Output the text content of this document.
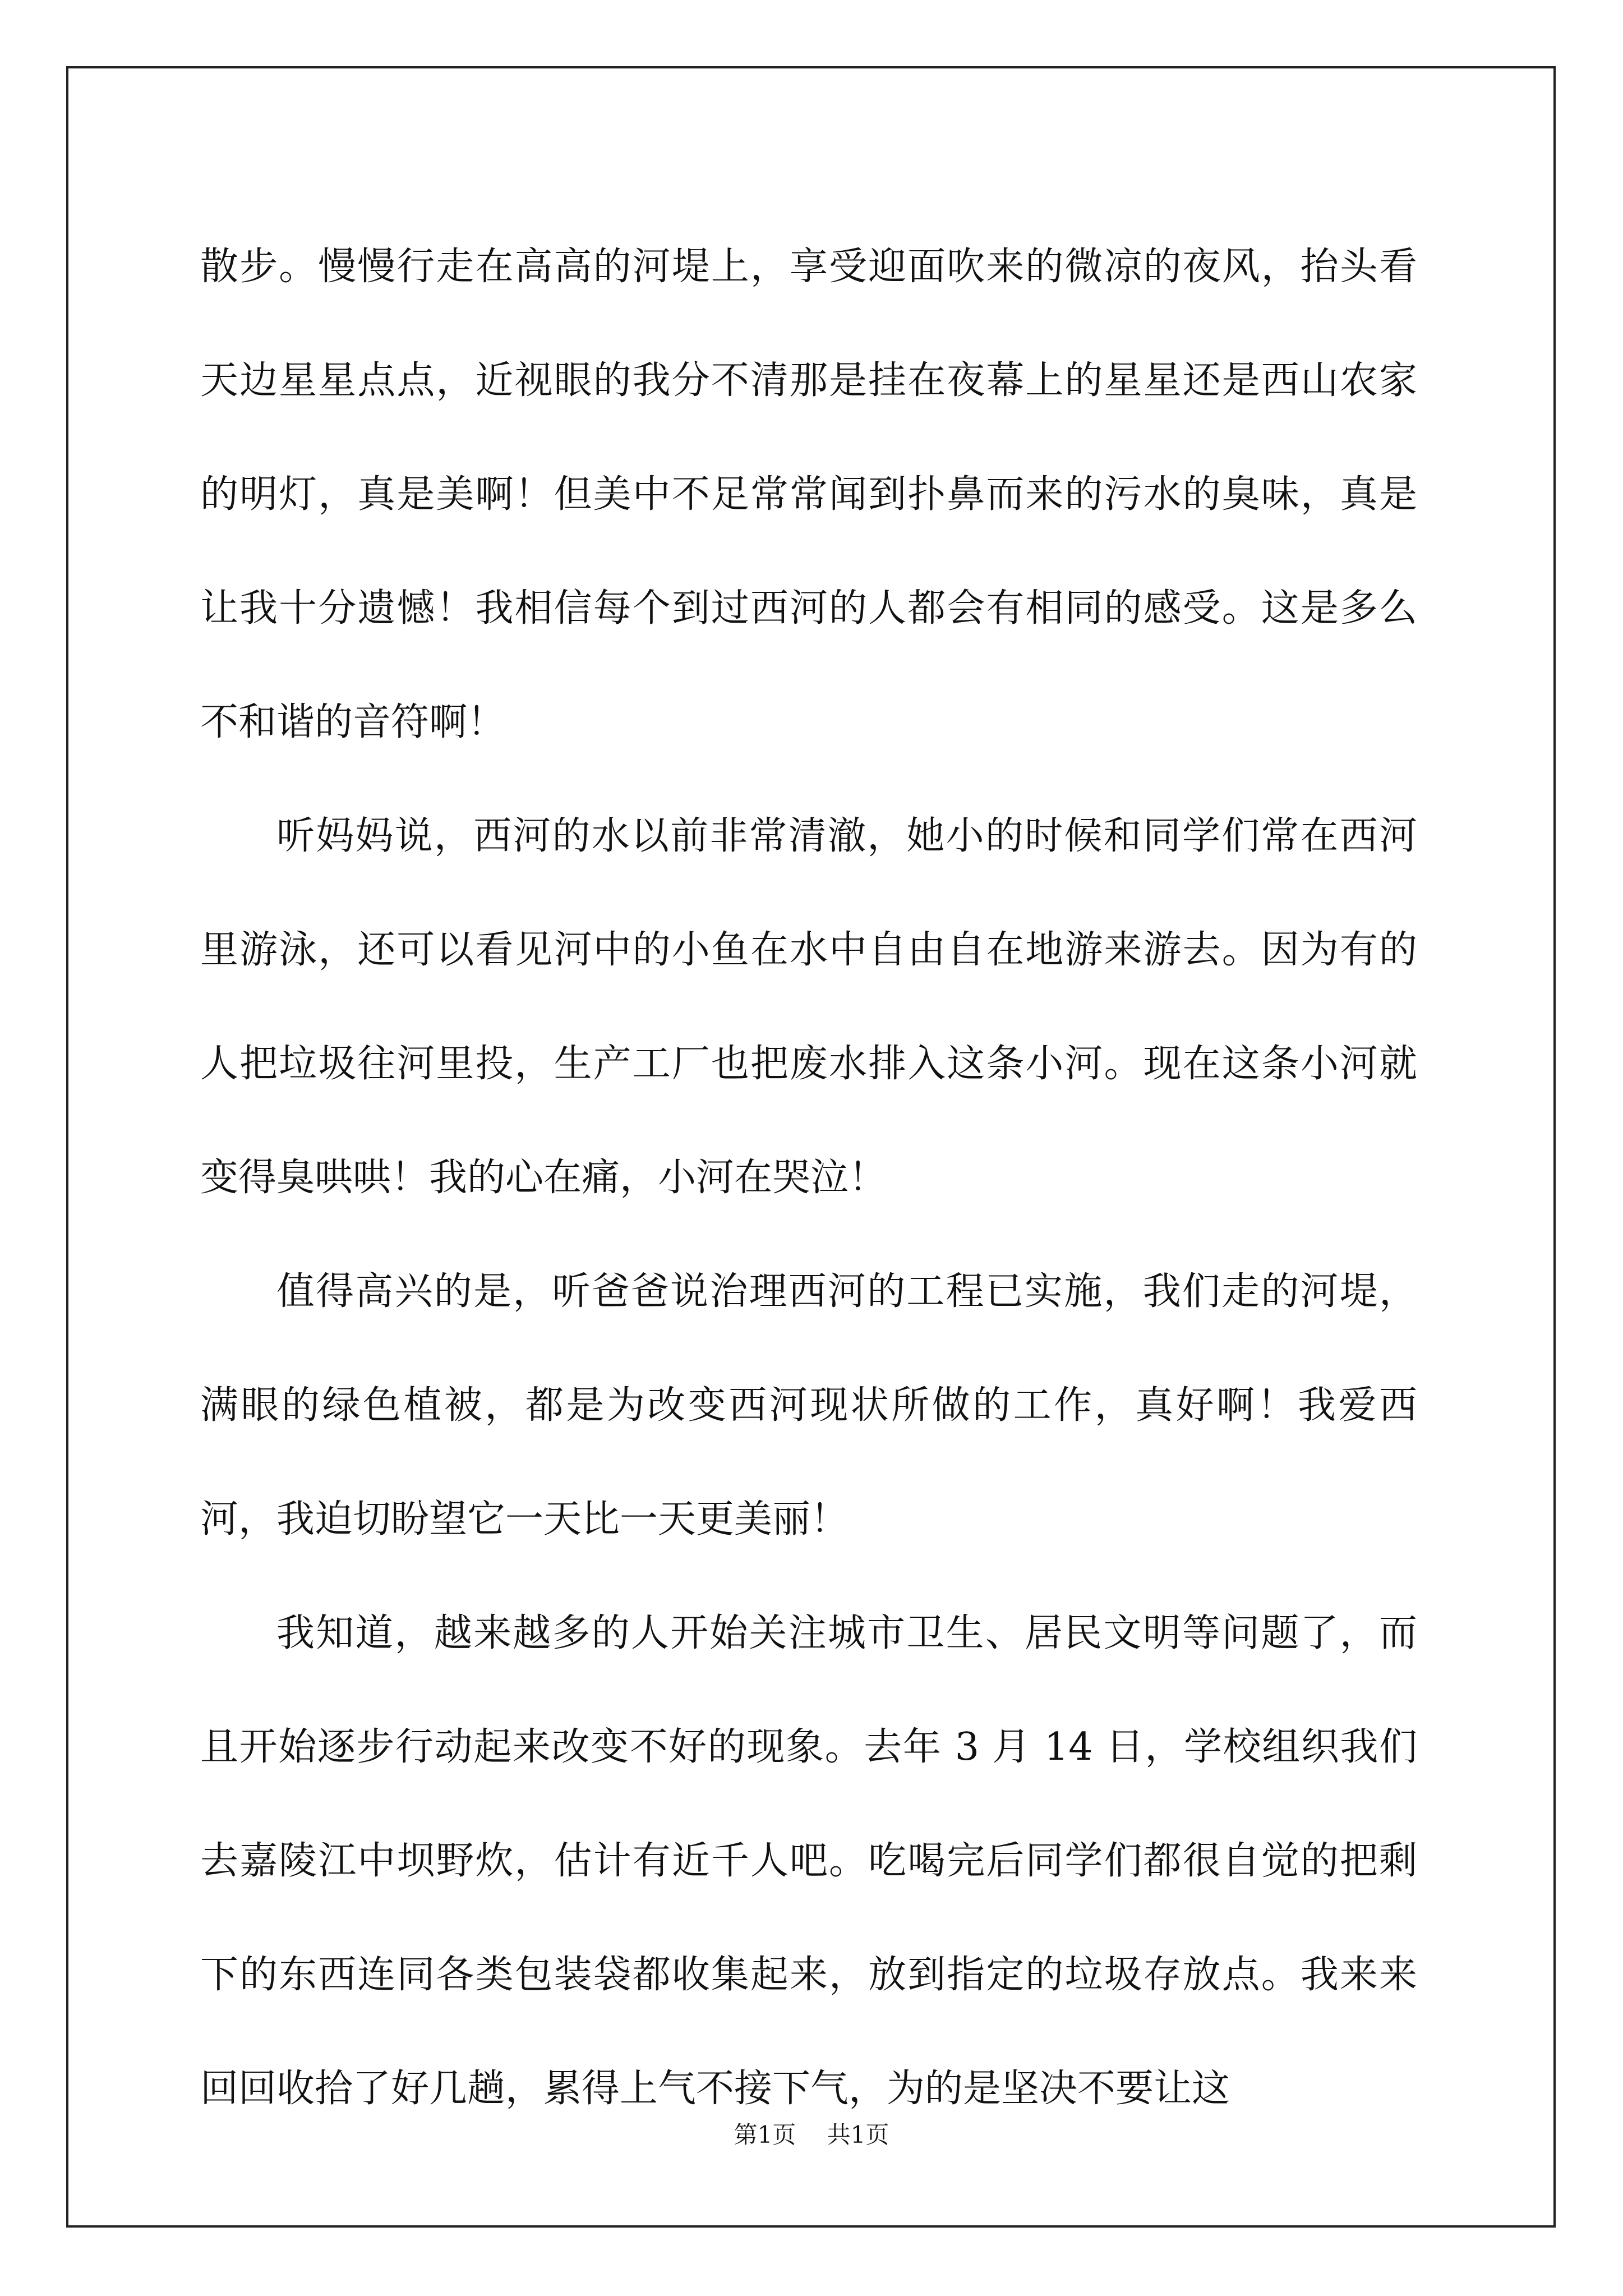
散步。慢慢行走在高高的河堤上，享受迎面吹来的微凉的夜风，抬头看天边星星点点，近视眼的我分不清那是挂在夜幕上的星星还是西山农家的明灯，真是美啊！但美中不足常常闻到扑鼻而来的污水的臭味，真是让我十分遗憾！我相信每个到过西河的人都会有相同的感受。这是多么不和谐的音符啊！

听妈妈说，西河的水以前非常清澈，她小的时候和同学们常在西河里游泳，还可以看见河中的小鱼在水中自由自在地游来游去。因为有的人把垃圾往河里投，生产工厂也把废水排入这条小河。现在这条小河就变得臭哄哄！我的心在痛，小河在哭泣！

值得高兴的是，听爸爸说治理西河的工程已实施，我们走的河堤，满眼的绿色植被，都是为改变西河现状所做的工作，真好啊！我爱西河，我迫切盼望它一天比一天更美丽！

我知道，越来越多的人开始关注城市卫生、居民文明等问题了，而且开始逐步行动起来改变不好的现象。去年 3 月 14 日，学校组织我们去嘉陵江中坝野炊，估计有近千人吧。吃喝完后同学们都很自觉的把剩下的东西连同各类包装袋都收集起来，放到指定的垃圾存放点。我来来回回收拾了好几趟，累得上气不接下气，为的是坚决不要让这

第1页 共1页
